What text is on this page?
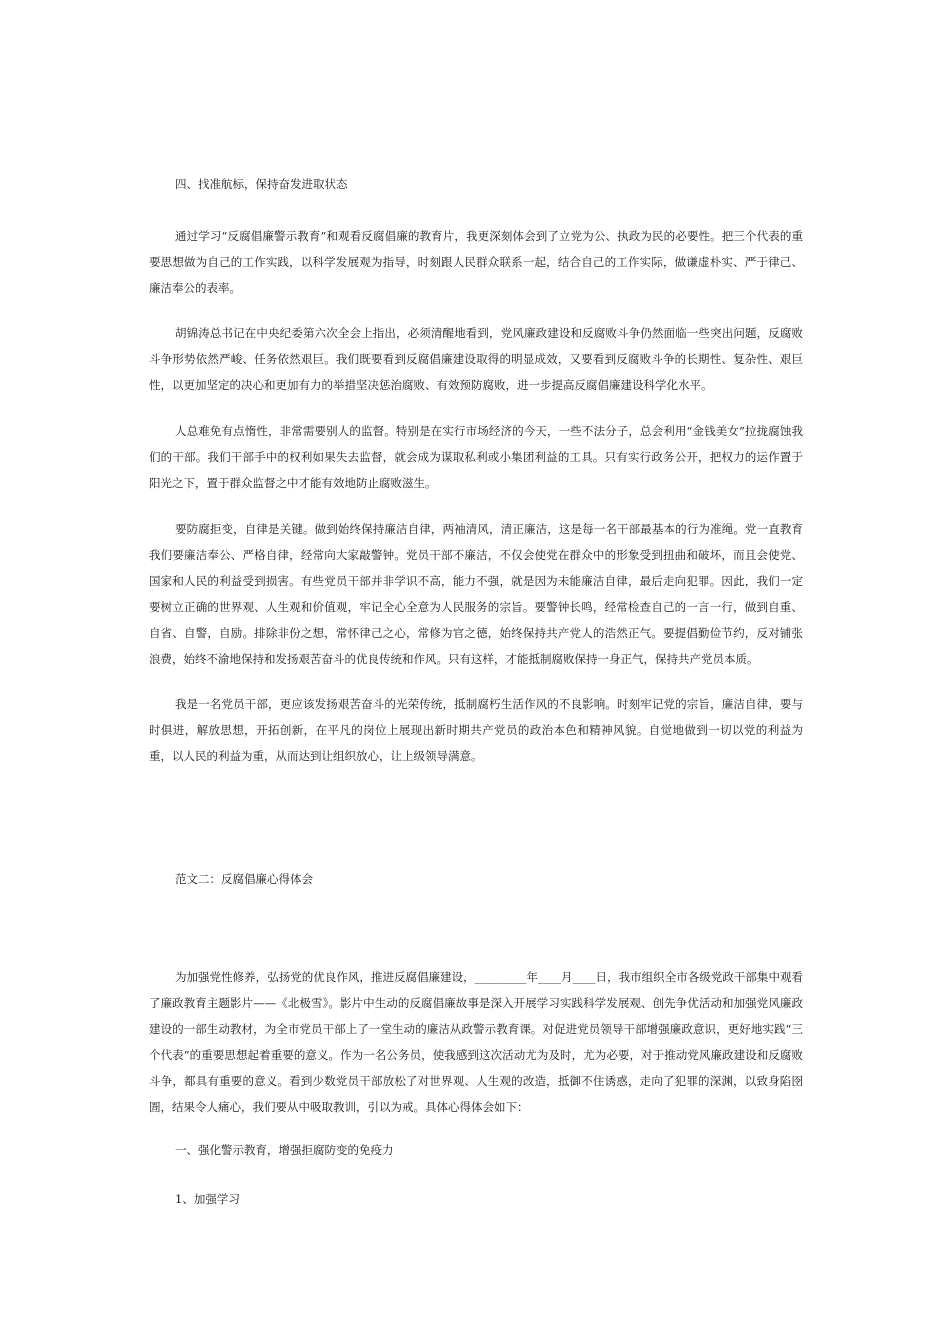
四、找准航标，保持奋发进取状态

通过学习“反腐倡廉警示教育”和观看反腐倡廉的教育片，我更深刻体会到了立党为公、执政为民的必要性。把三个代表的重要思想做为自己的工作实践，以科学发展观为指导，时刻跟人民群众联系一起，结合自己的工作实际，做谦虚朴实、严于律己、廉洁奉公的表率。

胡锦涛总书记在中央纪委第六次全会上指出，必须清醒地看到，党风廉政建设和反腐败斗争仍然面临一些突出问题，反腐败斗争形势依然严峻、任务依然艰巨。我们既要看到反腐倡廉建设取得的明显成效，又要看到反腐败斗争的长期性、复杂性、艰巨性，以更加坚定的决心和更加有力的举措坚决惩治腐败、有效预防腐败，进一步提高反腐倡廉建设科学化水平。

人总难免有点惰性，非常需要别人的监督。特别是在实行市场经济的今天，一些不法分子，总会利用“金钱美女”拉拢腐蚀我们的干部。我们干部手中的权利如果失去监督，就会成为谋取私利或小集团利益的工具。只有实行政务公开，把权力的运作置于阳光之下，置于群众监督之中才能有效地防止腐败滋生。

要防腐拒变，自律是关键。做到始终保持廉洁自律，两袖清风，清正廉洁，这是每一名干部最基本的行为准绳。党一直教育我们要廉洁奉公、严格自律，经常向大家敲警钟。党员干部不廉洁，不仅会使党在群众中的形象受到扭曲和破坏，而且会使党、国家和人民的利益受到损害。有些党员干部并非学识不高，能力不强，就是因为未能廉洁自律，最后走向犯罪。因此，我们一定要树立正确的世界观、人生观和价值观，牢记全心全意为人民服务的宗旨。要警钟长鸣，经常检查自己的一言一行，做到自重、自省、自警，自励。排除非份之想，常怀律己之心，常修为官之德，始终保持共产党人的浩然正气。要提倡勤俭节约，反对铺张浪费，始终不渝地保持和发扬艰苦奋斗的优良传统和作风。只有这样，才能抵制腐败保持一身正气，保持共产党员本质。

我是一名党员干部，更应该发扬艰苦奋斗的光荣传统，抵制腐朽生活作风的不良影响。时刻牢记党的宗旨，廉洁自律，要与时俱进，解放思想，开拓创新，在平凡的岗位上展现出新时期共产党员的政治本色和精神风貌。自觉地做到一切以党的利益为重，以人民的利益为重，从而达到让组织放心，让上级领导满意。

范文二：反腐倡廉心得体会

为加强党性修养，弘扬党的优良作风，推进反腐倡廉建设，_________年____月____日，我市组织全市各级党政干部集中观看了廉政教育主题影片——《北极雪》。影片中生动的反腐倡廉故事是深入开展学习实践科学发展观、创先争优活动和加强党风廉政建设的一部生动教材，为全市党员干部上了一堂生动的廉洁从政警示教育课。对促进党员领导干部增强廉政意识，更好地实践“三个代表”的重要思想起着重要的意义。作为一名公务员，使我感到这次活动尤为及时，尤为必要，对于推动党风廉政建设和反腐败斗争，都具有重要的意义。看到少数党员干部放松了对世界观、人生观的改造，抵御不住诱惑，走向了犯罪的深渊，以致身陷囹圄，结果令人痛心，我们要从中吸取教训，引以为戒。具体心得体会如下：

一、强化警示教育，增强拒腐防变的免疫力

1、加强学习
